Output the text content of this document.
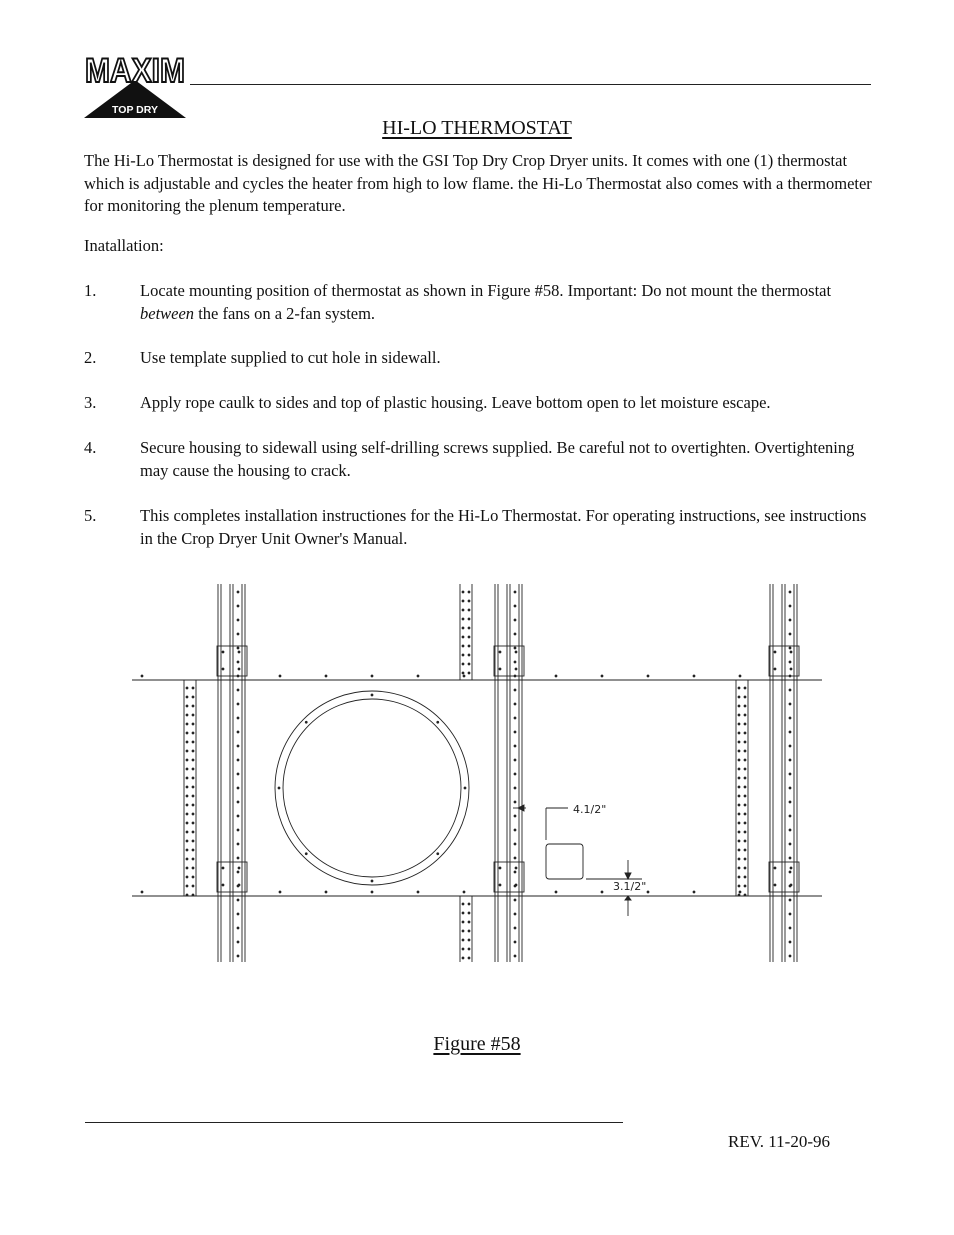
MAXIM
TOP DRY
HI-LO THERMOSTAT
The Hi-Lo Thermostat is designed for use with the GSI Top Dry Crop Dryer units. It comes with one (1) thermostat which is adjustable and cycles the heater from high to low flame. the Hi-Lo Thermostat also comes with a thermometer for monitoring the plenum temperature.
Inatallation:
1.	Locate mounting position of thermostat as shown in Figure #58. Important: Do not mount the thermostat between the fans on a 2-fan system.
2.	Use template supplied to cut hole in sidewall.
3.	Apply rope caulk to sides and top of plastic housing. Leave bottom open to let moisture escape.
4.	Secure housing to sidewall using self-drilling screws supplied. Be careful not to overtighten. Overtightening may cause the housing to crack.
5.	This completes installation instructiones for the Hi-Lo Thermostat. For operating instructions, see instructions in the Crop Dryer Unit Owner's Manual.
4.1/2"
3.1/2"
Figure #58
REV. 11-20-96
